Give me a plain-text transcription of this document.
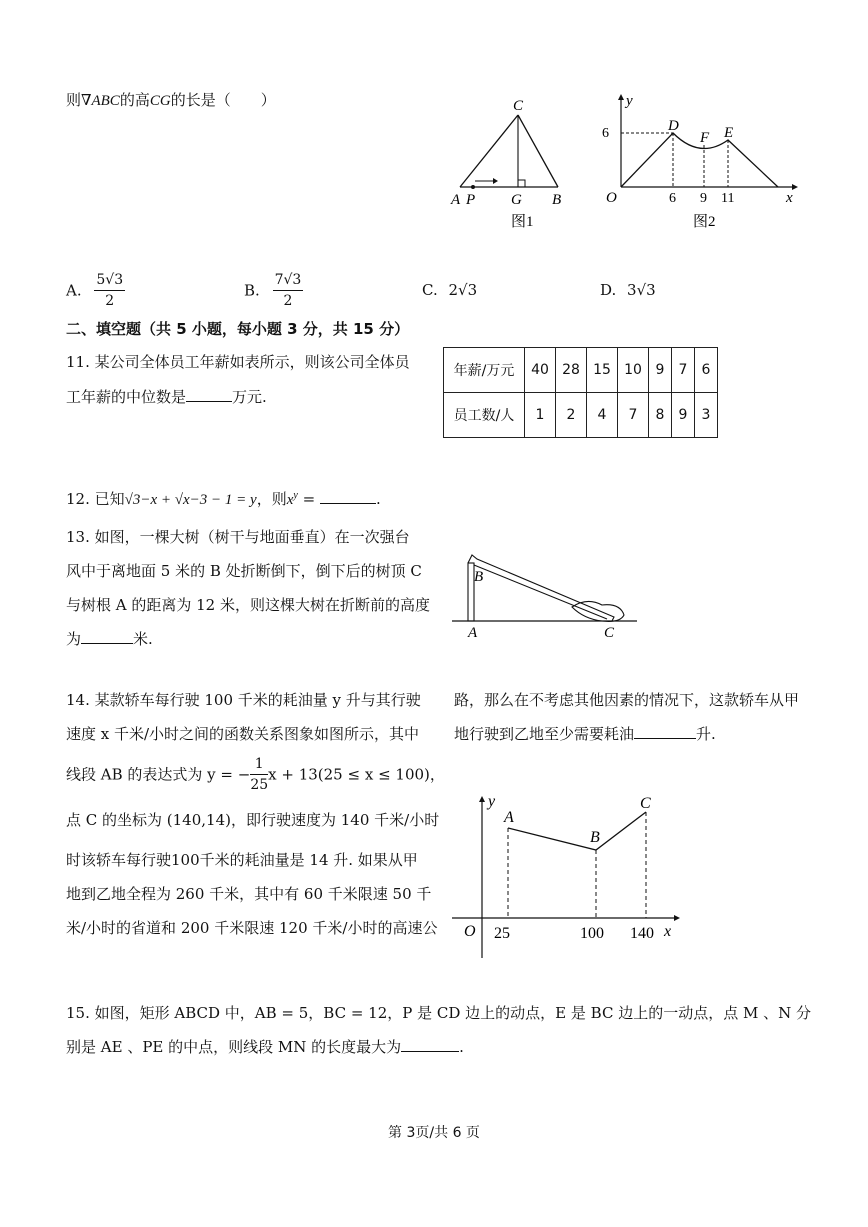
则∇ABC的高CG的长是（　　）	C
A P G B
图1
6
y
x
O
D
F E
6 9 11
图2
A. $\frac{5√3}{2}$	B. $\frac{7√3}{2}$	C. 2√3	D. 3√3
二、填空题（共 5 小题，每小题 3 分，共 15 分）
11. 某公司全体员工年薪如表所示，则该公司全体员
工年薪的中位数是	万元.
年薪/万元	40	28	15	10	9	7	6
员工数/人	1	2	4	7	8	9	3
12. 已知√3−x + √x−3 − 1 = y，则$x^y$ =	.
13. 如图，一棵大树（树干与地面垂直）在一次强台
风中于离地面 5 米的 B 处折断倒下，倒下后的树顶 C
与树根 A 的距离为 12 米，则这棵大树在折断前的高度
为	米.
B
A	C
14. 某款轿车每行驶 100 千米的耗油量 y 升与其行驶
速度 x 千米/小时之间的函数关系图象如图所示，其中
线段 AB 的表达式为 y = − $\frac{1}{25}$ x + 13(25 ≤ x ≤ 100)，
点 C 的坐标为 (140,14)，即行驶速度为 140 千米/小时
时该轿车每行驶100千米的耗油量是 14 升. 如果从甲
地到乙地全程为 260 千米，其中有 60 千米限速 50 千
米/小时的省道和 200 千米限速 120 千米/小时的高速公
路，那么在不考虑其他因素的情况下，这款轿车从甲
地行驶到乙地至少需要耗油	升.
y
x
O
A
B
C
25	100 140
15. 如图，矩形 ABCD 中，AB = 5，BC = 12，P 是 CD 边上的动点，E 是 BC 边上的一动点，点 M 、N 分
别是 AE 、PE 的中点，则线段 MN 的长度最大为	.
第 3页/共 6 页
